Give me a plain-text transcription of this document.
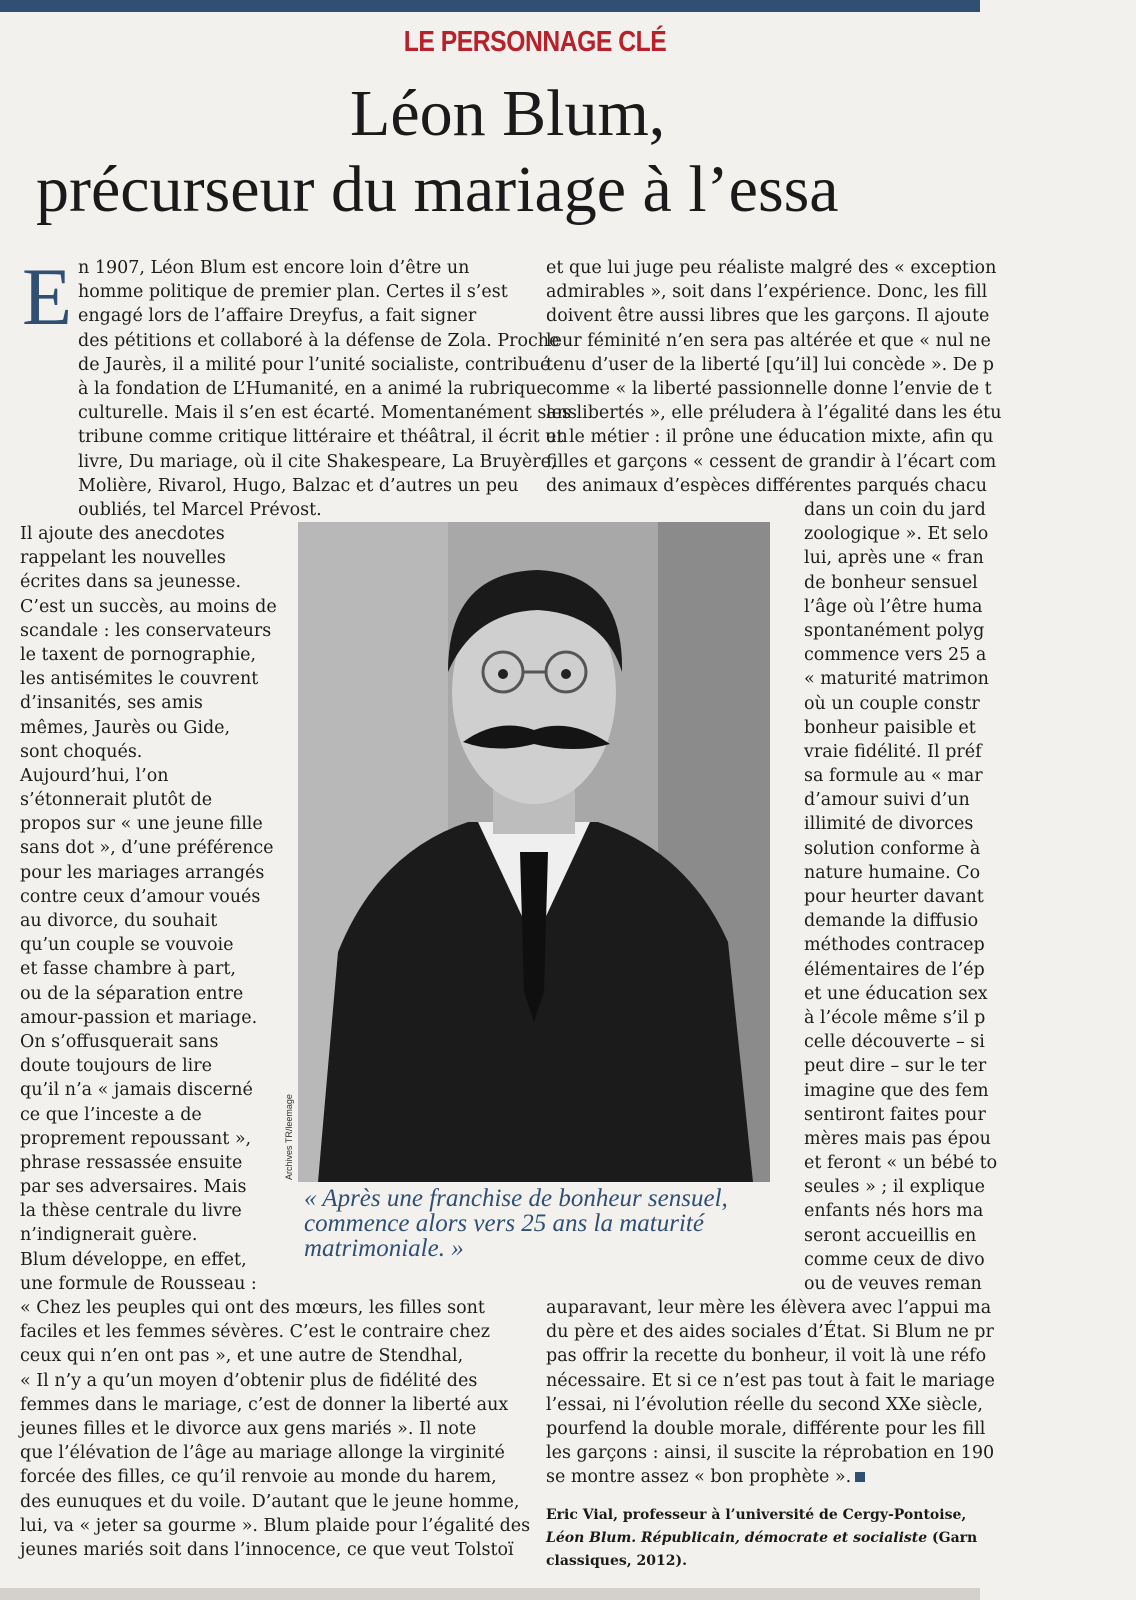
LE PERSONNAGE CLÉ
Léon Blum,
précurseur du mariage à l’essa
E n 1907, Léon Blum est encore loin d’être un
homme politique de premier plan. Certes il s’est
engagé lors de l’affaire Dreyfus, a fait signer
des pétitions et collaboré à la défense de Zola. Proche
de Jaurès, il a milité pour l’unité socialiste, contribué
à la fondation de L’Humanité, en a animé la rubrique
culturelle. Mais il s’en est écarté. Momentanément sans
tribune comme critique littéraire et théâtral, il écrit un
livre, Du mariage, où il cite Shakespeare, La Bruyère,
Molière, Rivarol, Hugo, Balzac et d’autres un peu
oubliés, tel Marcel Prévost.
Il ajoute des anecdotes
rappelant les nouvelles
écrites dans sa jeunesse.
C’est un succès, au moins de
scandale : les conservateurs
le taxent de pornographie,
les antisémites le couvrent
d’insanités, ses amis
mêmes, Jaurès ou Gide,
sont choqués.
Aujourd’hui, l’on
s’étonnerait plutôt de
propos sur « une jeune fille
sans dot », d’une préférence
pour les mariages arrangés
contre ceux d’amour voués
au divorce, du souhait
qu’un couple se vouvoie
et fasse chambre à part,
ou de la séparation entre
amour-passion et mariage.
On s’offusquerait sans
doute toujours de lire
qu’il n’a « jamais discerné
ce que l’inceste a de
proprement repoussant »,
phrase ressassée ensuite
par ses adversaires. Mais
la thèse centrale du livre
n’indignerait guère.
Blum développe, en effet,
une formule de Rousseau :
« Chez les peuples qui ont des mœurs, les filles sont
faciles et les femmes sévères. C’est le contraire chez
ceux qui n’en ont pas », et une autre de Stendhal,
« Il n’y a qu’un moyen d’obtenir plus de fidélité des
femmes dans le mariage, c’est de donner la liberté aux
jeunes filles et le divorce aux gens mariés ». Il note
que l’élévation de l’âge au mariage allonge la virginité
forcée des filles, ce qu’il renvoie au monde du harem,
des eunuques et du voile. D’autant que le jeune homme,
lui, va « jeter sa gourme ». Blum plaide pour l’égalité des
jeunes mariés soit dans l’innocence, ce que veut Tolstoï
et que lui juge peu réaliste malgré des « exception
admirables », soit dans l’expérience. Donc, les fill
doivent être aussi libres que les garçons. Il ajoute
leur féminité n’en sera pas altérée et que « nul ne
tenu d’user de la liberté [qu’il] lui concède ». De p
comme « la liberté passionnelle donne l’envie de t
les libertés », elle préludera à l’égalité dans les étu
et le métier : il prône une éducation mixte, afin qu
filles et garçons « cessent de grandir à l’écart com
des animaux d’espèces différentes parqués chacu
dans un coin du jard
zoologique ». Et selo
lui, après une « fran
de bonheur sensuel
l’âge où l’être huma
spontanément polyg
commence vers 25 a
« maturité matrimon
où un couple constr
bonheur paisible et
vraie fidélité. Il préf
sa formule au « mar
d’amour suivi d’un
illimité de divorces
solution conforme à
nature humaine. Co
pour heurter davant
demande la diffusio
méthodes contracep
élémentaires de l’ép
et une éducation sex
à l’école même s’il p
celle découverte – si
peut dire – sur le ter
imagine que des fem
sentiront faites pour
mères mais pas épou
et feront « un bébé to
seules » ; il explique
enfants nés hors ma
seront accueillis en
comme ceux de divo
ou de veuves reman
auparavant, leur mère les élèvera avec l’appui ma
du père et des aides sociales d’État. Si Blum ne pr
pas offrir la recette du bonheur, il voit là une réfo
nécessaire. Et si ce n’est pas tout à fait le mariage
l’essai, ni l’évolution réelle du second XXe siècle,
pourfend la double morale, différente pour les fill
les garçons : ainsi, il suscite la réprobation en 190
se montre assez « bon prophète ».
Archives TR/leemage
« Après une franchise de bonheur sensuel, commence alors vers 25 ans la maturité matrimoniale. »
Eric Vial, professeur à l’université de Cergy-Pontoise,
Léon Blum. Républicain, démocrate et socialiste (Garn
classiques, 2012).
